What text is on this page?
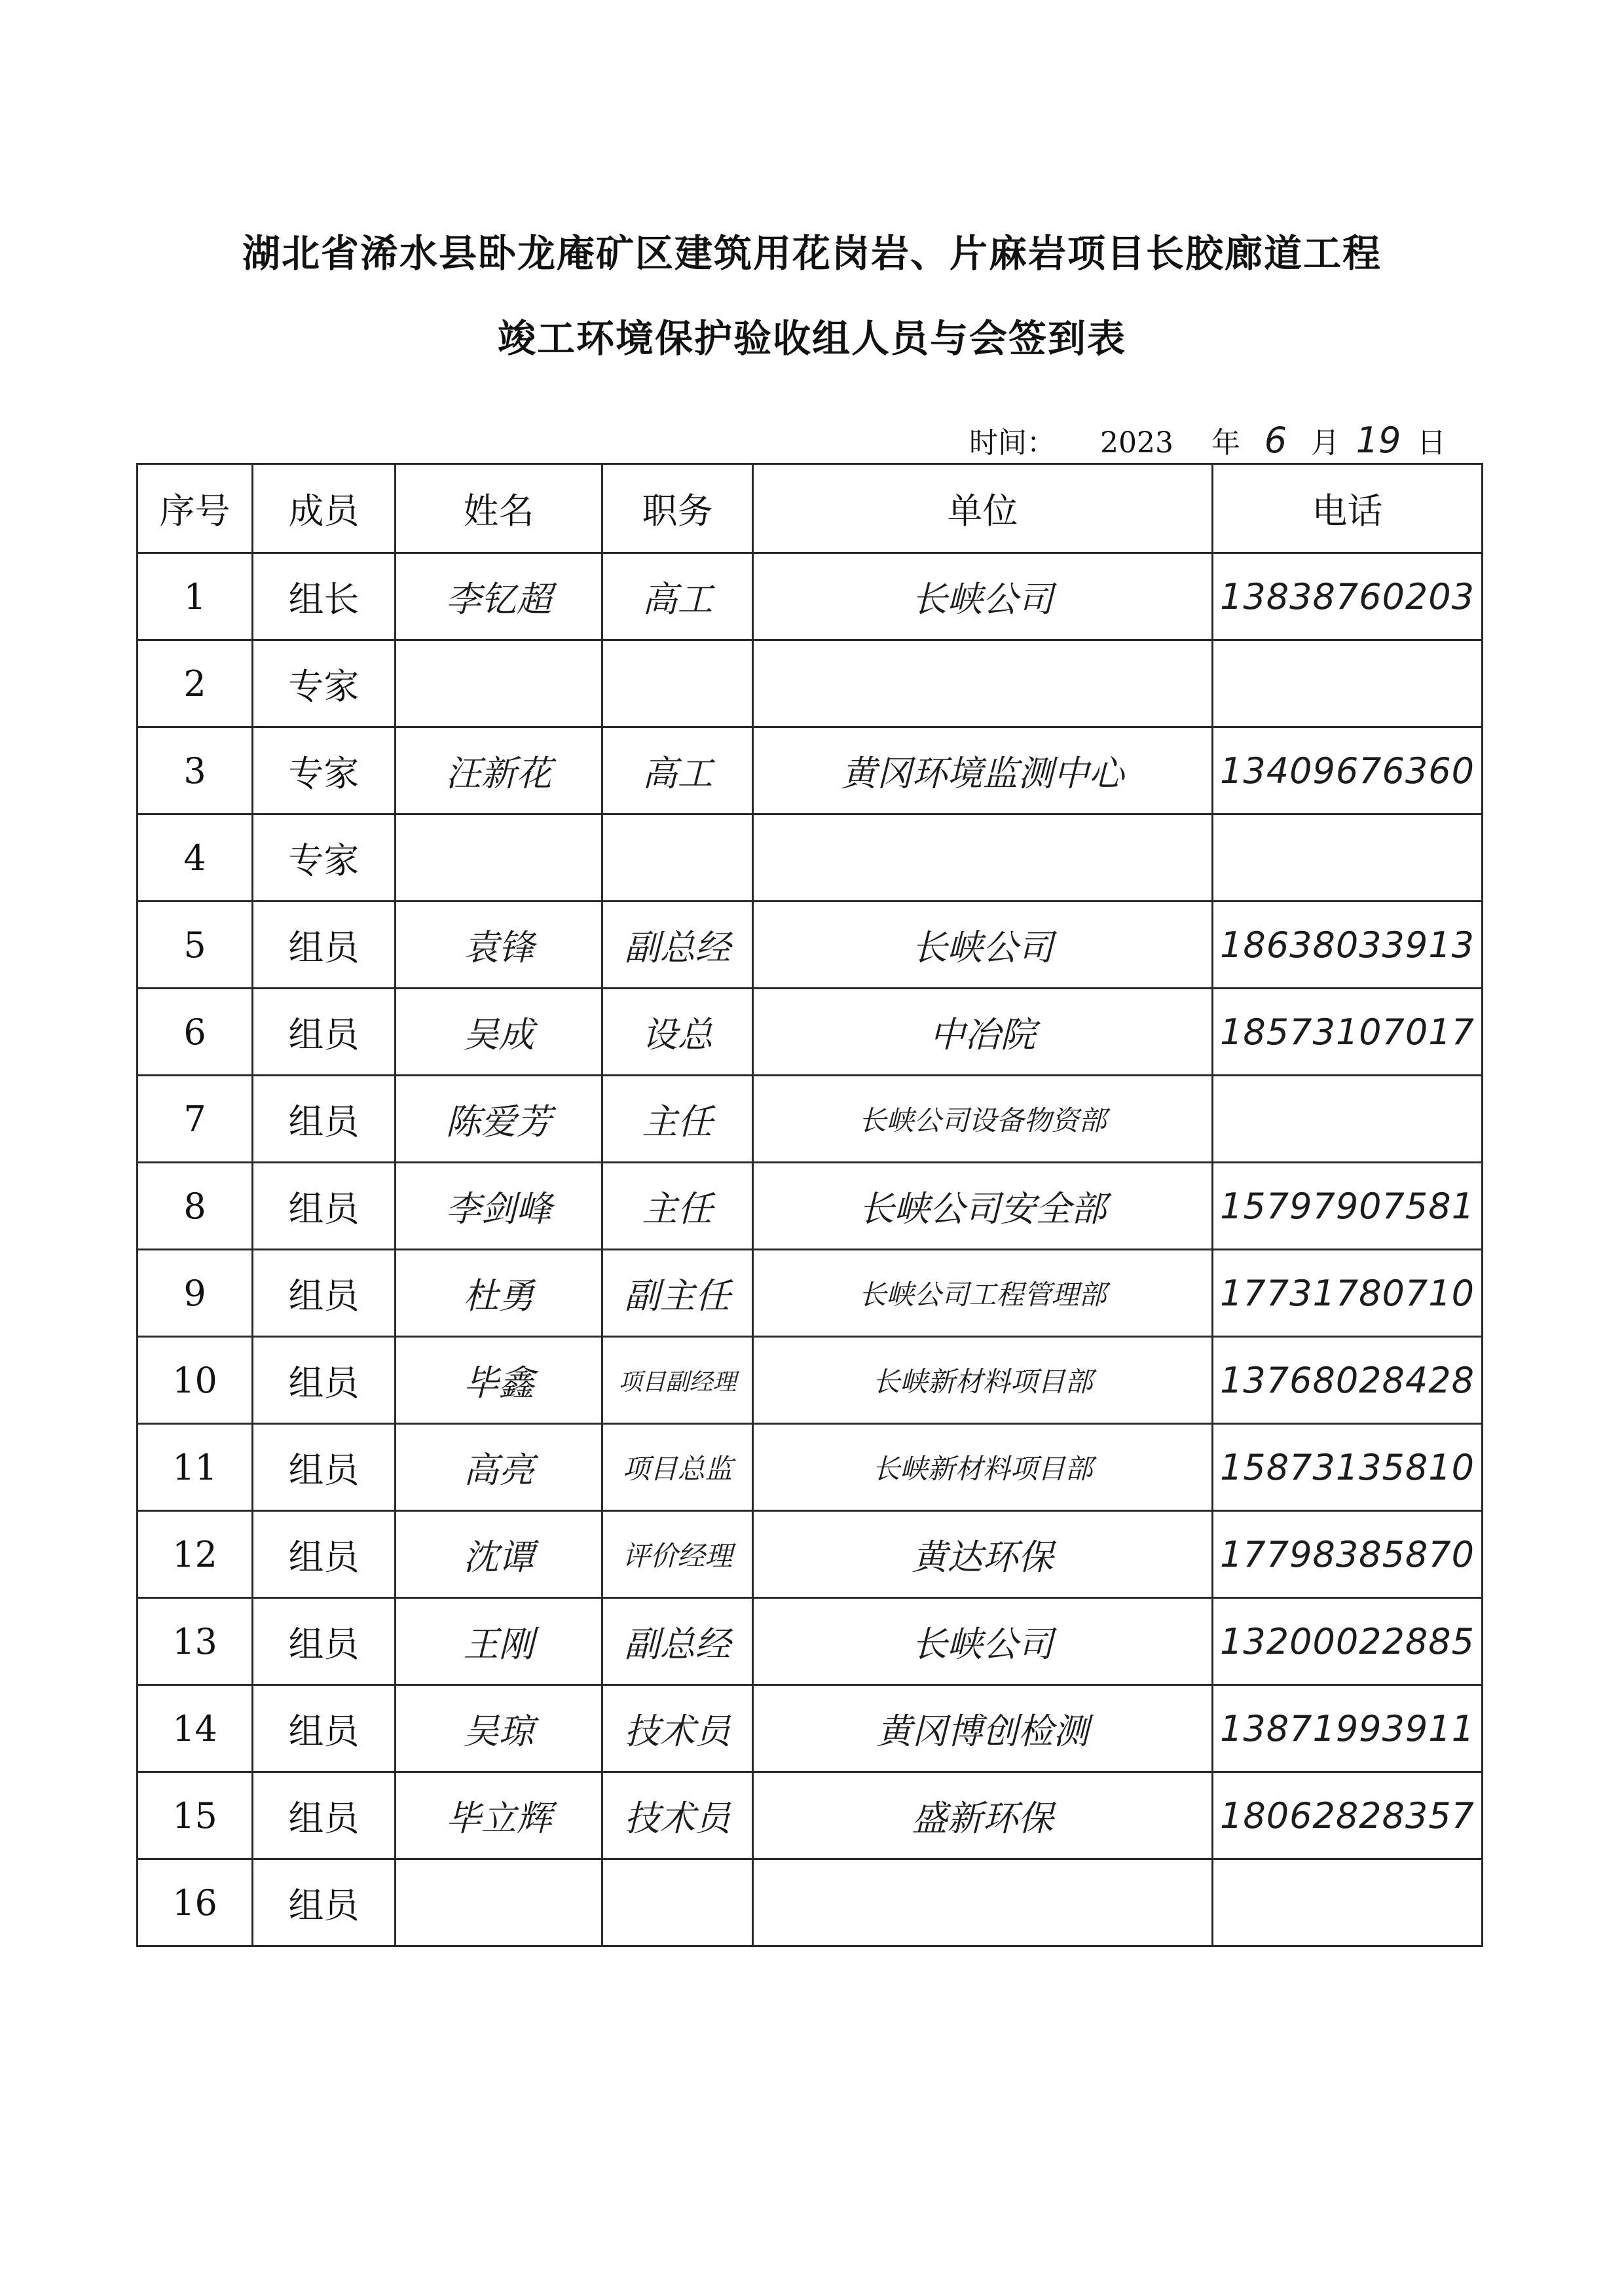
湖北省浠水县卧龙庵矿区建筑用花岗岩、片麻岩项目长胶廊道工程
竣工环境保护验收组人员与会签到表
时间： 2023 年 6 月 19 日
序号	成员	姓名	职务	单位	电话
1	组长	李钇超	高工	长峡公司	13838760203
2	专家				
3	专家	汪新花	高工	黄冈环境监测中心	13409676360
4	专家				
5	组员	袁锋	副总经	长峡公司	18638033913
6	组员	吴成	设总	中冶院	18573107017
7	组员	陈爱芳	主任	长峡公司设备物资部	
8	组员	李剑峰	主任	长峡公司安全部	15797907581
9	组员	杜勇	副主任	长峡公司工程管理部	17731780710
10	组员	毕鑫	项目副经理	长峡新材料项目部	13768028428
11	组员	高亮	项目总监	长峡新材料项目部	15873135810
12	组员	沈谭	评价经理	黄达环保	17798385870
13	组员	王刚	副总经	长峡公司	13200022885
14	组员	吴琼	技术员	黄冈博创检测	13871993911
15	组员	毕立辉	技术员	盛新环保	18062828357
16	组员				
